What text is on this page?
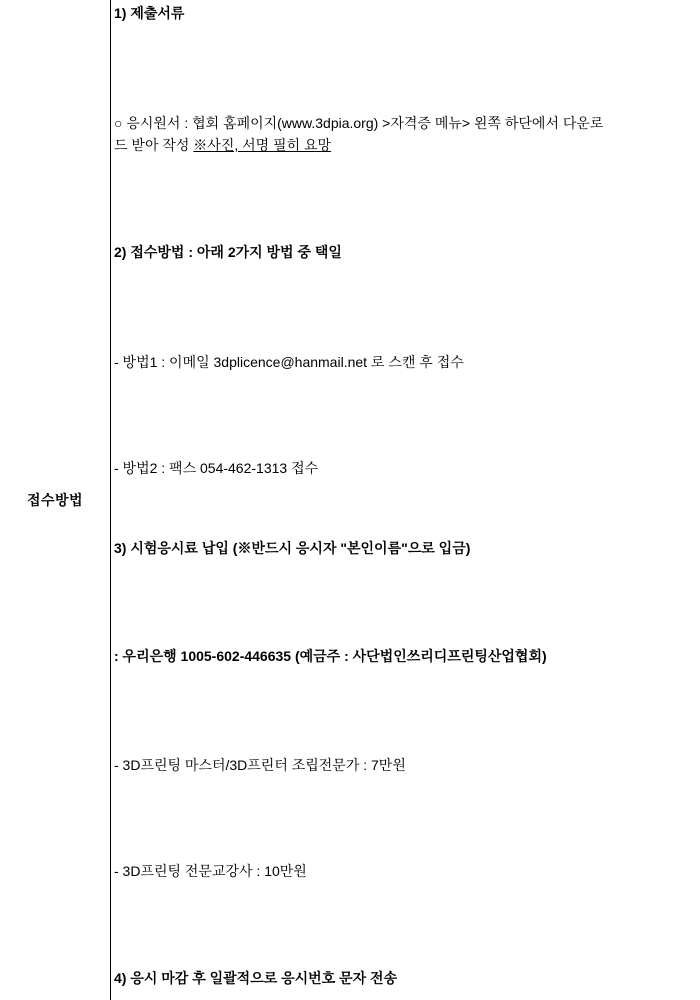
접수방법
1) 제출서류
○ 응시원서 : 협회 홈페이지(www.3dpia.org) >자격증 메뉴> 왼쪽 하단에서 다운로
드 받아 작성 ※사진, 서명 필히 요망
2) 접수방법 : 아래 2가지 방법 중 택일
- 방법1 : 이메일 3dplicence@hanmail.net 로 스캔 후 접수
- 방법2 : 팩스 054-462-1313 접수
3) 시험응시료 납입 (※반드시 응시자 "본인이름"으로 입금)
: 우리은행 1005-602-446635 (예금주 : 사단법인쓰리디프린팅산업협회)
- 3D프린팅 마스터/3D프린터 조립전문가 : 7만원
- 3D프린팅 전문교강사 : 10만원
4) 응시 마감 후 일괄적으로 응시번호 문자 전송
